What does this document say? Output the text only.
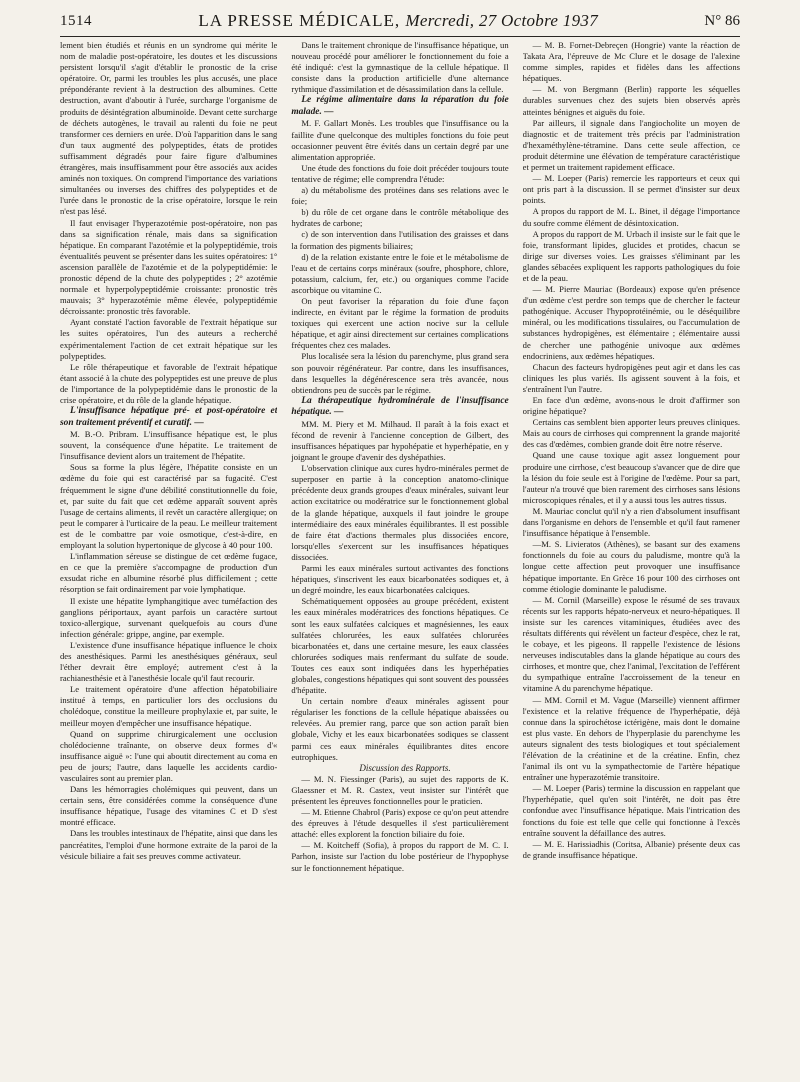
1514	LA PRESSE MÉDICALE, Mercredi, 27 Octobre 1937	N° 86

lement bien étudiés et réunis en un syndrome qui mérite le nom de maladie post-opératoire, les doutes et les discussions persistent lorsqu'il s'agit d'établir le pronostic de la crise opératoire. Or, parmi les troubles les plus accusés, une place prépondérante revient à la destruction des albumines. Cette destruction, avant d'aboutir à l'urée, surcharge l'organisme de produits de désintégration albuminoïde. Devant cette surcharge de déchets autogènes, le travail au ralenti du foie ne peut transformer ces derniers en urée. D'où l'apparition dans le sang d'un taux augmenté des polypeptides, états de protides suffisamment dégradés pour faire figure d'albumines étrangères, mais insuffisamment pour être associés aux acides aminés non toxiques. On comprend l'importance des variations simultanées ou inverses des chiffres des polypeptides et de l'urée dans le pronostic de la crise opératoire, lorsque le rein n'est pas lésé.

Il faut envisager l'hyperazotémie post-opératoire, non pas dans sa signification rénale, mais dans sa signification hépatique. En comparant l'azotémie et la polypeptidémie, trois éventualités peuvent se présenter dans les suites opératoires: 1° ascension parallèle de l'azotémie et de la polypeptidémie: le pronostic dépend de la chute des polypeptides ; 2° azotémie normale et hyperpolypeptidémie croissante: pronostic très mauvais; 3° hyperazotémie même élevée, polypeptidémie décroissante: pronostic très favorable.

Ayant constaté l'action favorable de l'extrait hépatique sur les suites opératoires, l'un des auteurs a recherché expérimentalement l'action de cet extrait hépatique sur les polypeptides.

Le rôle thérapeutique et favorable de l'extrait hépatique étant associé à la chute des polypeptides est une preuve de plus de l'importance de la polypeptidémie dans le pronostic de la crise opératoire, et du rôle de la glande hépatique.

L'insuffisance hépatique pré- et post-opératoire et son traitement préventif et curatif. —

M. B.-O. Pribram. L'insuffisance hépatique est, le plus souvent, la conséquence d'une hépatite. Le traitement de l'insuffisance devient alors un traitement de l'hépatite.

Sous sa forme la plus légère, l'hépatite consiste en un œdème du foie qui est caractérisé par sa fugacité. C'est fréquemment le signe d'une débilité constitutionnelle du foie, et, par suite du fait que cet œdème apparaît souvent après l'usage de certains aliments, il revêt un caractère allergique; on peut le comparer à l'urticaire de la peau. Le meilleur traitement est de le combattre par voie osmotique, c'est-à-dire, en employant la solution hypertonique de glycose à 40 pour 100.

L'inflammation séreuse se distingue de cet œdème fugace, en ce que la première s'accompagne de production d'un exsudat riche en albumine résorbé plus difficilement ; cette résorption se fait ordinairement par voie lymphatique.

Il existe une hépatite lymphangitique avec tuméfaction des ganglions périportaux, ayant parfois un caractère surtout toxico-allergique, survenant quelquefois au cours d'une infection générale: grippe, angine, par exemple.

L'existence d'une insuffisance hépatique influence le choix des anesthésiques. Parmi les anesthésiques généraux, seul l'éther devrait être employé; autrement c'est à la rachianesthésie et à l'anesthésie locale qu'il faut recourir.

Le traitement opératoire d'une affection hépatobiliaire institué à temps, en particulier lors des occlusions du cholédoque, constitue la meilleure prophylaxie et, par suite, le meilleur moyen d'empêcher une insuffisance hépatique.

Quand on supprime chirurgicalement une occlusion cholédocienne traînante, on observe deux formes d'« insuffisance aiguë »: l'une qui aboutit directement au coma en peu de jours; l'autre, dans laquelle les accidents cardio-vasculaires sont au premier plan.

Dans les hémorragies cholémiques qui peuvent, dans un certain sens, être considérées comme la conséquence d'une insuffisance hépatique, l'usage des vitamines C et D s'est montré efficace.

Dans les troubles intestinaux de l'hépatite, ainsi que dans les pancréatites, l'emploi d'une hormone extraite de la paroi de la vésicule biliaire a fait ses preuves comme activateur.

Dans le traitement chronique de l'insuffisance hépatique, un nouveau procédé pour améliorer le fonctionnement du foie a été indiqué: c'est la gymnastique de la cellule hépatique. Il consiste dans la production artificielle d'une alternance rythmique d'assimilation et de désassimilation dans la cellule.

Le régime alimentaire dans la réparation du foie malade. —

M. F. Gallart Monès. Les troubles que l'insuffisance ou la faillite d'une quelconque des multiples fonctions du foie peut occasionner peuvent être évités dans un certain degré par une alimentation appropriée.

Une étude des fonctions du foie doit précéder toujours toute tentative de régime; elle comprendra l'étude:

a) du métabolisme des protéines dans ses relations avec le foie;

b) du rôle de cet organe dans le contrôle métabolique des hydrates de carbone;

c) de son intervention dans l'utilisation des graisses et dans la formation des pigments biliaires;

d) de la relation existante entre le foie et le métabolisme de l'eau et de certains corps minéraux (soufre, phosphore, chlore, potassium, calcium, fer, etc.) ou organiques comme l'acide ascorbique ou vitamine C.

On peut favoriser la réparation du foie d'une façon indirecte, en évitant par le régime la formation de produits toxiques qui exercent une action nocive sur la cellule hépatique, et agir ainsi directement sur certaines complications fréquentes chez ces malades.

Plus localisée sera la lésion du parenchyme, plus grand sera son pouvoir régénérateur. Par contre, dans les insuffisances, dans lesquelles la dégénérescence sera très avancée, nous obtiendrons peu de succès par le régime.

La thérapeutique hydrominérale de l'insuffisance hépatique. —

MM. M. Piery et M. Milhaud. Il paraît à la fois exact et fécond de revenir à l'ancienne conception de Gilbert, des insuffisances hépatiques par hypohépatie et hyperhépatie, en y joignant le groupe d'avenir des dyshépathies.

L'observation clinique aux cures hydro-minérales permet de superposer en partie à la conception anatomo-clinique précédente deux grands groupes d'eaux minérales, suivant leur action excitatrice ou modératrice sur le fonctionnement global de la glande hépatique, auxquels il faut joindre le groupe intermédiaire des eaux minérales équilibrantes. Il est possible de faire état d'actions thermales plus dissociées encore, lorsqu'elles s'exercent sur les insuffisances hépatiques dissociées.

Parmi les eaux minérales surtout activantes des fonctions hépatiques, s'inscrivent les eaux bicarbonatées sodiques et, à un degré moindre, les eaux bicarbonatées calciques.

Schématiquement opposées au groupe précédent, existent les eaux minérales modératrices des fonctions hépatiques. Ce sont les eaux sulfatées calciques et magnésiennes, les eaux sulfatées chlorurées, les eaux sulfatées chlorurées bicarbonatées et, dans une certaine mesure, les eaux classées chlorurées sodiques mais renfermant du sulfate de soude. Toutes ces eaux sont indiquées dans les hyperhépaties globales, congestions hépatiques qui sont souvent des poussées d'hépatite.

Un certain nombre d'eaux minérales agissent pour régulariser les fonctions de la cellule hépatique abaissées ou relevées. Au premier rang, parce que son action paraît bien globale, Vichy et les eaux bicarbonatées sodiques se classent parmi ces eaux minérales équilibrantes dites encore eutrophiques.

Discussion des Rapports.

— M. N. Fiessinger (Paris), au sujet des rapports de K. Glaessner et M. R. Castex, veut insister sur l'intérêt que présentent les épreuves fonctionnelles pour le praticien.

— M. Etienne Chabrol (Paris) expose ce qu'on peut attendre des épreuves à l'étude desquelles il s'est particulièrement attaché: elles explorent la fonction biliaire du foie.

— M. Koitcheff (Sofia), à propos du rapport de M. C. I. Parhon, insiste sur l'action du lobe postérieur de l'hypophyse sur le fonctionnement hépatique.

— M. B. Fornet-Debreçen (Hongrie) vante la réaction de Takata Ara, l'épreuve de Mc Clure et le dosage de l'alexine comme simples, rapides et fidèles dans les affections hépatiques.

— M. von Bergmann (Berlin) rapporte les séquelles durables survenues chez des sujets bien observés après atteintes bénignes et aiguës du foie.

Par ailleurs, il signale dans l'angiocholite un moyen de diagnostic et de traitement très précis par l'administration d'hexaméthylène-tétramine. Dans cette seule affection, ce produit détermine une élévation de température caractéristique et permet un traitement rapidement efficace.

— M. Loeper (Paris) remercie les rapporteurs et ceux qui ont pris part à la discussion. Il se permet d'insister sur deux points.

A propos du rapport de M. L. Binet, il dégage l'importance du soufre comme élément de désintoxication.

A propos du rapport de M. Urbach il insiste sur le fait que le foie, transformant lipides, glucides et protides, chacun se dirige sur diverses voies. Les graisses s'éliminant par les glandes sébacées expliquent les rapports pathologiques du foie et de la peau.

— M. Pierre Mauriac (Bordeaux) expose qu'en présence d'un œdème c'est perdre son temps que de chercher le facteur pathogénique. Accuser l'hypoprotéinémie, ou le déséquilibre minéral, ou les modifications tissulaires, ou l'accumulation de substances hydropigènes, est élémentaire ; élémentaire aussi de chercher une pathogénie univoque aux œdèmes endocriniens, aux œdèmes hépatiques.

Chacun des facteurs hydropigènes peut agir et dans les cas cliniques les plus variés. Ils agissent souvent à la fois, et s'entraînent l'un l'autre.

En face d'un œdème, avons-nous le droit d'affirmer son origine hépatique?

Certains cas semblent bien apporter leurs preuves cliniques. Mais au cours de cirrhoses qui comprennent la grande majorité des cas d'œdèmes, combien grande doit être notre réserve.

Quand une cause toxique agit assez longuement pour produire une cirrhose, c'est beaucoup s'avancer que de dire que la lésion du foie seule est à l'origine de l'œdème. Pour sa part, l'auteur n'a trouvé que bien rarement des cirrhoses sans lésions microscopiques rénales, et il y a aussi tous les autres tissus.

M. Mauriac conclut qu'il n'y a rien d'absolument insuffisant dans l'organisme en dehors de l'ensemble et qu'il faut ramener l'insuffisance hépatique à l'ensemble.

—M. S. Livieratos (Athènes), se basant sur des examens fonctionnels du foie au cours du paludisme, montre qu'à la longue cette affection peut provoquer une insuffisance hépatique importante. En Grèce 16 pour 100 des cirrhoses ont comme étiologie dominante le paludisme.

— M. Cornil (Marseille) expose le résumé de ses travaux récents sur les rapports hépato-nerveux et neuro-hépatiques. Il insiste sur les carences vitaminiques, étudiées avec des résultats différents qui révèlent un facteur d'espèce, chez le rat, le cobaye, et les pigeons. Il rappelle l'existence de lésions nerveuses indiscutables dans la glande hépatique au cours des cirrhoses, et montre que, chez l'animal, l'excitation de l'efférent du sympathique entraîne l'accroissement de la teneur en vitamine A du parenchyme hépatique.

— MM. Cornil et M. Vague (Marseille) viennent affirmer l'existence et la relative fréquence de l'hyperhépatie, déjà connue dans la spirochétose ictérigène, mais dont le domaine est plus vaste. En dehors de l'hyperplasie du parenchyme les auteurs signalent des tests biologiques et tout spécialement l'élévation de la créatinine et de la créatine. Enfin, chez l'animal ils ont vu la sympathectomie de l'artère hépatique entraîner une hyperazotémie transitoire.

— M. Loeper (Paris) termine la discussion en rappelant que l'hyperhépatie, quel qu'en soit l'intérêt, ne doit pas être confondue avec l'insuffisance hépatique. Mais l'intrication des fonctions du foie est telle que celle qui fonctionne à l'excès entraîne souvent la défaillance des autres.

— M. E. Harissiadhis (Coritsa, Albanie) présente deux cas de grande insuffisance hépatique.
